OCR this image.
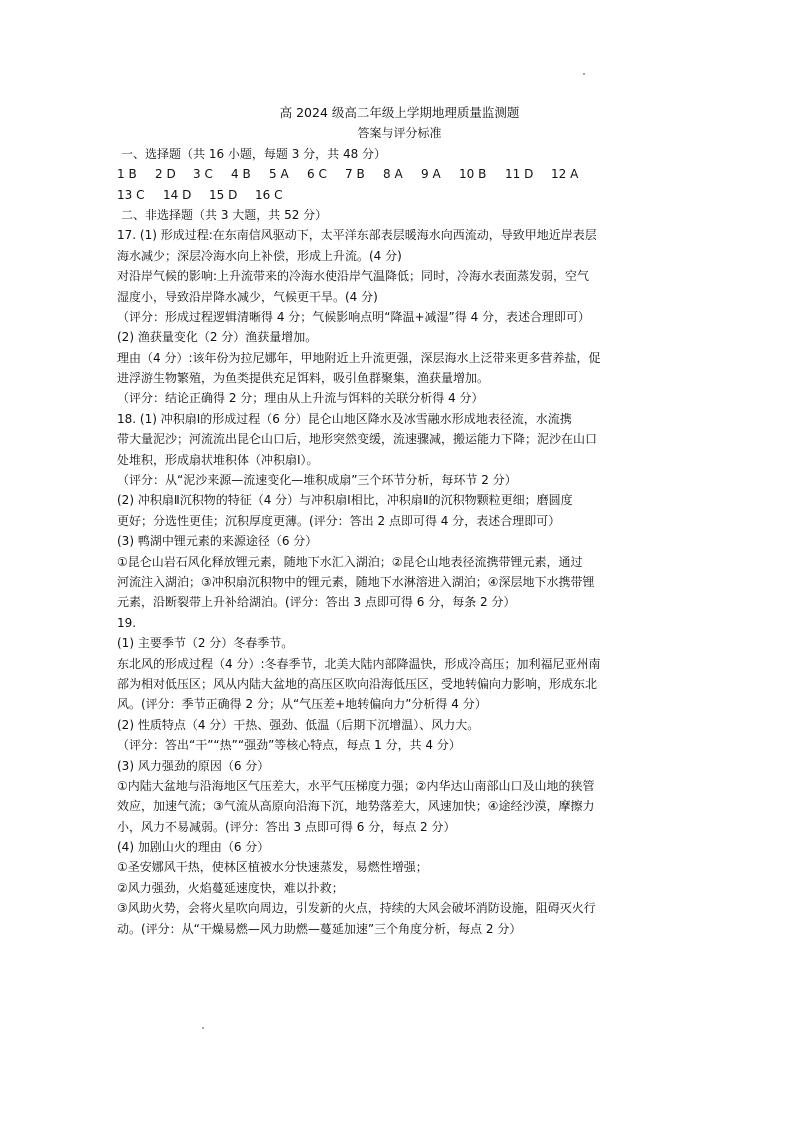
高 2024 级高二年级上学期地理质量监测题
答案与评分标准
一、选择题（共 16 小题，每题 3 分，共 48 分）
1 B	2 D	3 C	4 B	5 A	6 C	7 B	8 A	9 A	10 B	11 D	12 A
13 C	14 D	15 D	16 C
二、非选择题（共 3 大题，共 52 分）
17. (1) 形成过程:在东南信风驱动下，太平洋东部表层暖海水向西流动，导致甲地近岸表层
海水减少；深层冷海水向上补偿，形成上升流。(4 分)
对沿岸气候的影响:上升流带来的冷海水使沿岸气温降低；同时，冷海水表面蒸发弱，空气
湿度小，导致沿岸降水减少，气候更干旱。(4 分)
（评分：形成过程逻辑清晰得 4 分；气候影响点明“降温+减湿”得 4 分，表述合理即可）
(2) 渔获量变化（2 分）渔获量增加。
理由（4 分）:该年份为拉尼娜年，甲地附近上升流更强，深层海水上泛带来更多营养盐，促
进浮游生物繁殖，为鱼类提供充足饵料，吸引鱼群聚集，渔获量增加。
（评分：结论正确得 2 分；理由从上升流与饵料的关联分析得 4 分）
18. (1) 冲积扇Ⅰ的形成过程（6 分）昆仑山地区降水及冰雪融水形成地表径流，水流携
带大量泥沙；河流流出昆仑山口后，地形突然变缓，流速骤减，搬运能力下降；泥沙在山口
处堆积，形成扇状堆积体（冲积扇Ⅰ）。
（评分：从“泥沙来源—流速变化—堆积成扇”三个环节分析，每环节 2 分）
(2) 冲积扇Ⅱ沉积物的特征（4 分）与冲积扇Ⅰ相比，冲积扇Ⅱ的沉积物颗粒更细；磨圆度
更好；分选性更佳；沉积厚度更薄。(评分：答出 2 点即可得 4 分，表述合理即可）
(3) 鸭湖中锂元素的来源途径（6 分）
①昆仑山岩石风化释放锂元素，随地下水汇入湖泊；②昆仑山地表径流携带锂元素，通过
河流注入湖泊；③冲积扇沉积物中的锂元素，随地下水淋溶进入湖泊；④深层地下水携带锂
元素，沿断裂带上升补给湖泊。(评分：答出 3 点即可得 6 分，每条 2 分）
19.
(1) 主要季节（2 分）冬春季节。
东北风的形成过程（4 分）:冬春季节，北美大陆内部降温快，形成冷高压；加利福尼亚州南
部为相对低压区；风从内陆大盆地的高压区吹向沿海低压区，受地转偏向力影响，形成东北
风。(评分：季节正确得 2 分；从“气压差+地转偏向力”分析得 4 分）
(2) 性质特点（4 分）干热、强劲、低温（后期下沉增温）、风力大。
（评分：答出“干”“热”“强劲”等核心特点，每点 1 分，共 4 分）
(3) 风力强劲的原因（6 分）
①内陆大盆地与沿海地区气压差大，水平气压梯度力强；②内华达山南部山口及山地的狭管
效应，加速气流；③气流从高原向沿海下沉，地势落差大，风速加快；④途经沙漠，摩擦力
小，风力不易减弱。(评分：答出 3 点即可得 6 分，每点 2 分）
(4) 加剧山火的理由（6 分）
①圣安娜风干热，使林区植被水分快速蒸发，易燃性增强；
②风力强劲，火焰蔓延速度快，难以扑救；
③风助火势，会将火星吹向周边，引发新的火点，持续的大风会破坏消防设施，阻碍灭火行
动。(评分：从“干燥易燃—风力助燃—蔓延加速”三个角度分析，每点 2 分）
